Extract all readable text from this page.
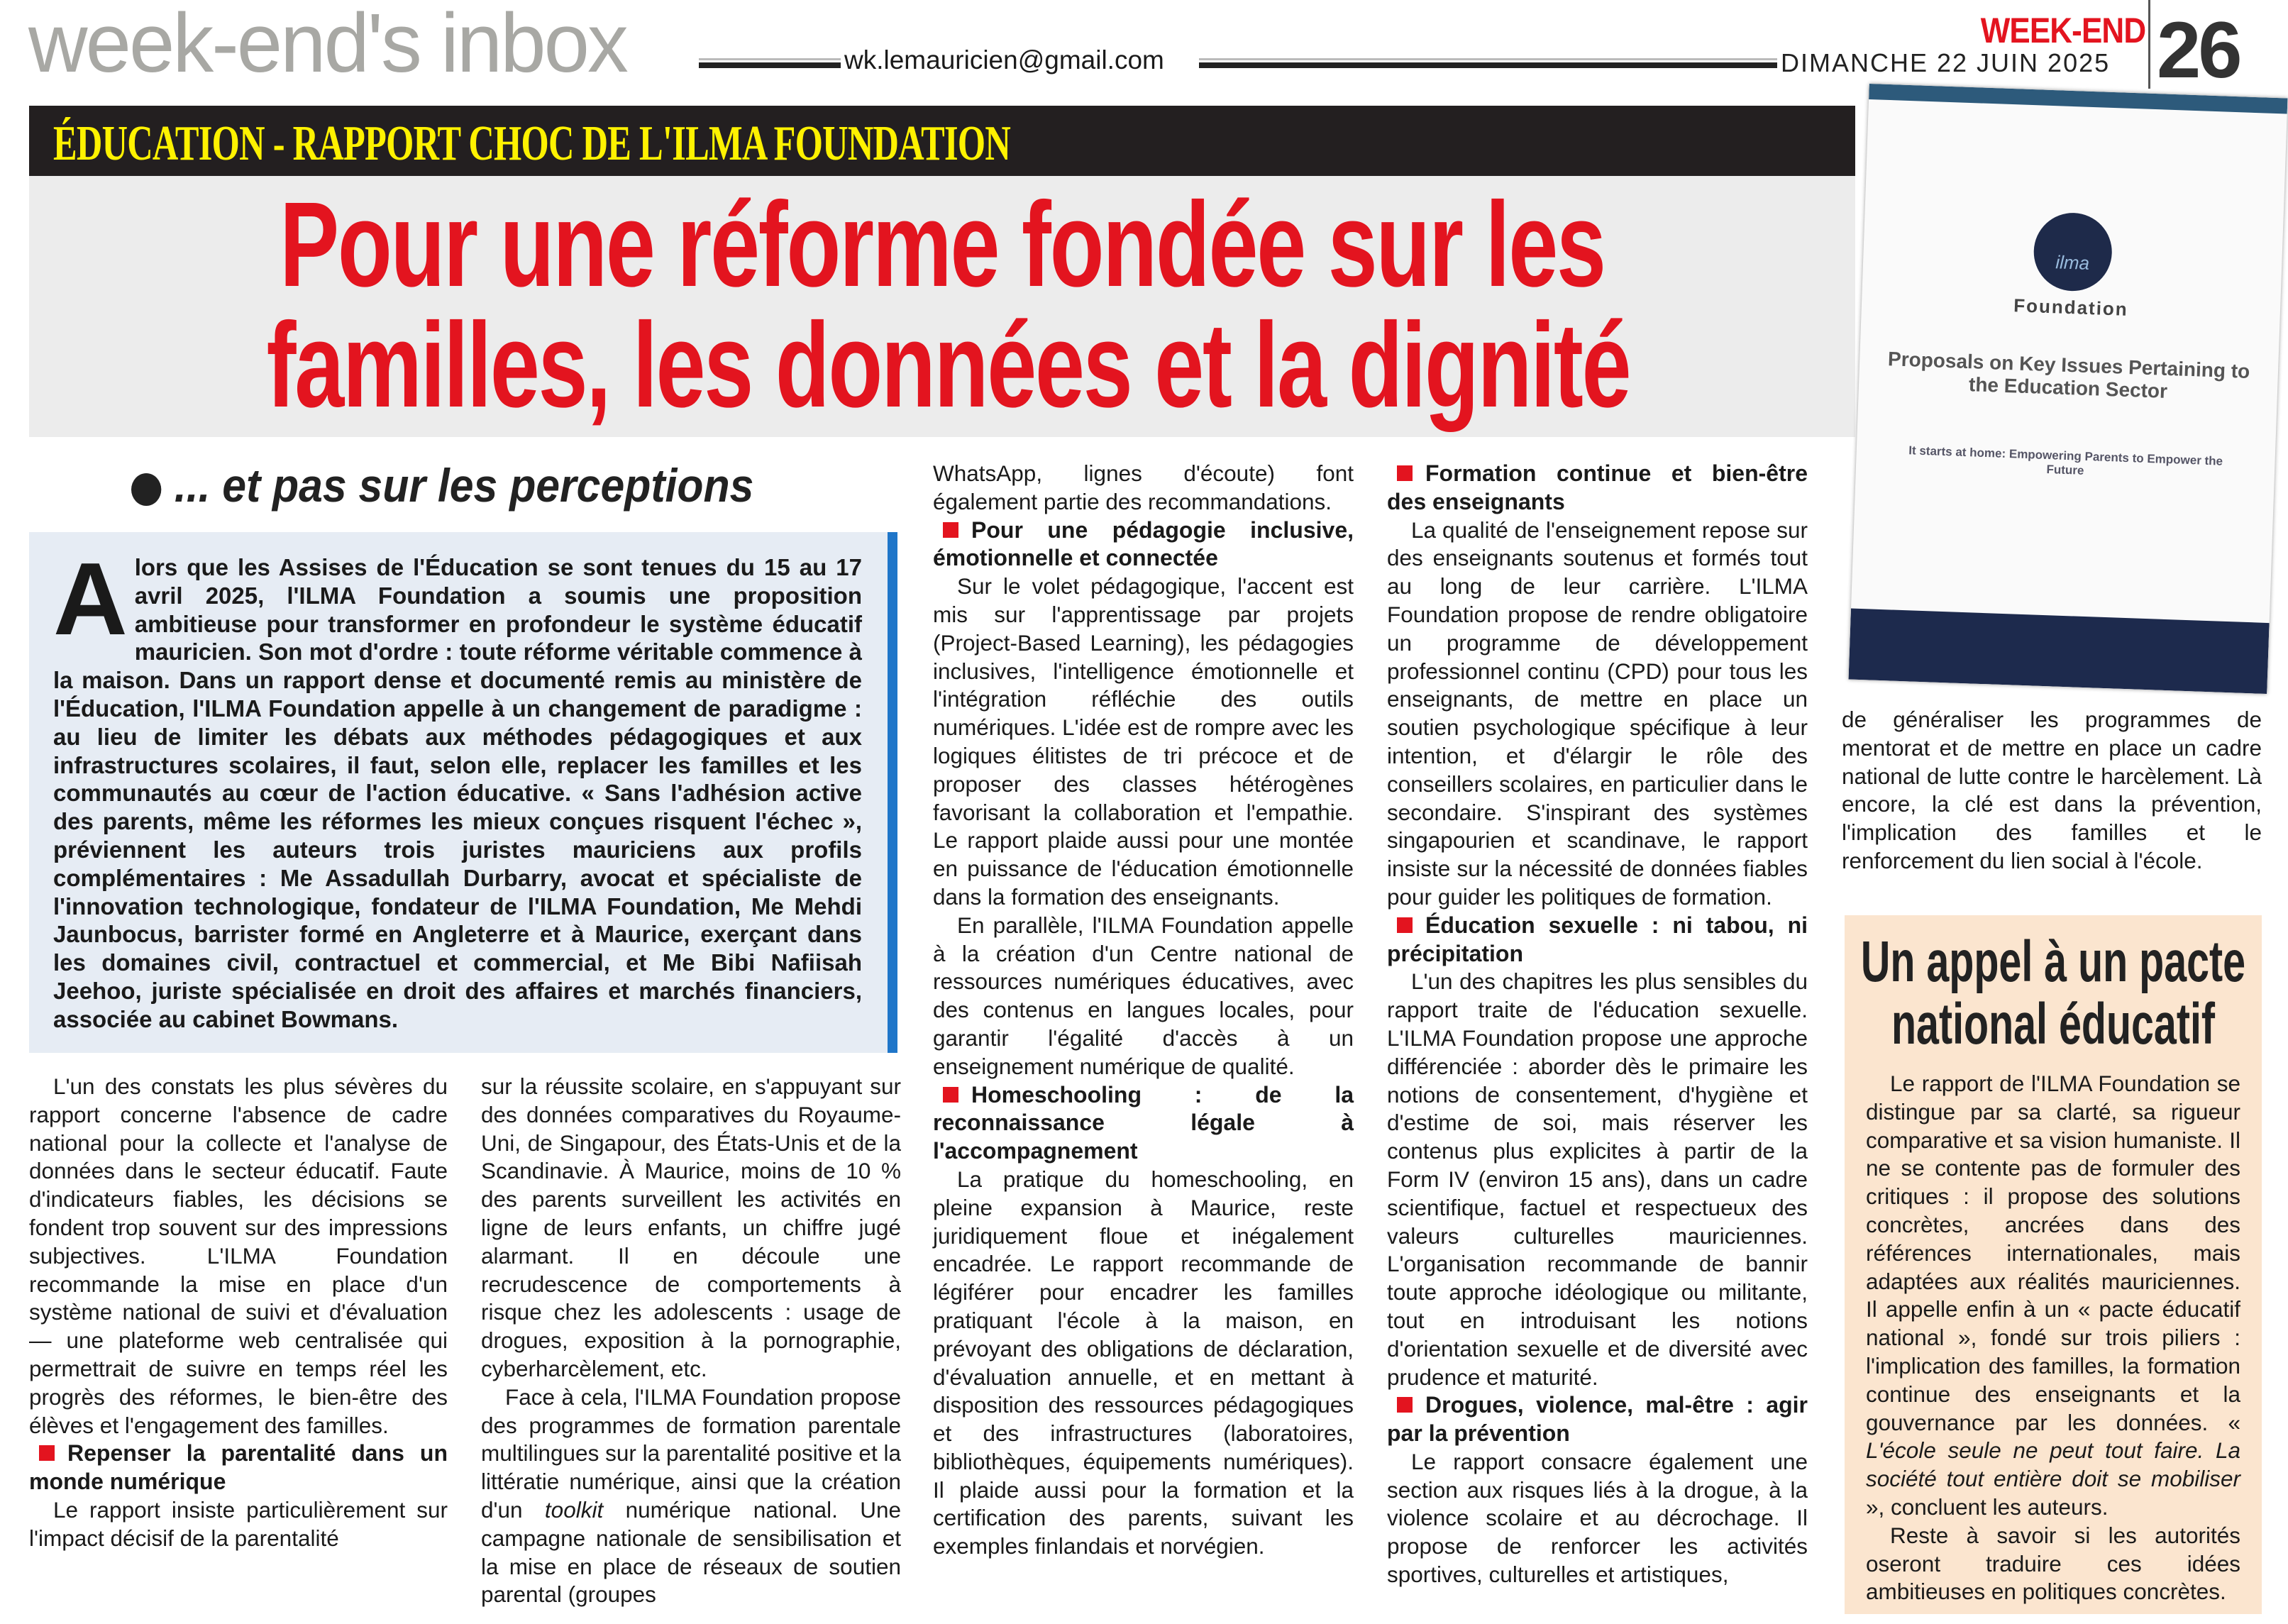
week-end's inbox	wk.lemauricien@gmail.com
WEEK-END
DIMANCHE 22 JUIN 2025 26
ÉDUCATION - RAPPORT CHOC DE L'ILMA FOUNDATION
Pour une réforme fondée sur les
familles, les données et la dignité
ilma
Foundation
Proposals on Key Issues Pertaining to the Education Sector
It starts at home: Empowering Parents to Empower the Future
... et pas sur les perceptions
Alors que les Assises de l'Éducation se sont tenues du 15 au 17 avril 2025, l'ILMA Foundation a soumis une proposition ambitieuse pour transformer en profondeur le système éducatif mauricien. Son mot d'ordre : toute réforme véritable commence à la maison. Dans un rapport dense et documenté remis au ministère de l'Éducation, l'ILMA Foundation appelle à un changement de paradigme : au lieu de limiter les débats aux méthodes pédagogiques et aux infrastructures scolaires, il faut, selon elle, replacer les familles et les communautés au cœur de l'action éducative. « Sans l'adhésion active des parents, même les réformes les mieux conçues risquent l'échec », préviennent les auteurs trois juristes mauriciens aux profils complémentaires : Me Assadullah Durbarry, avocat et spécialiste de l'innovation technologique, fondateur de l'ILMA Foundation, Me Mehdi Jaunbocus, barrister formé en Angleterre et à Maurice, exerçant dans les domaines civil, contractuel et commercial, et Me Bibi Nafiisah Jeehoo, juriste spécialisée en droit des affaires et marchés financiers, associée au cabinet Bowmans.

L'un des constats les plus sévères du rapport concerne l'absence de cadre national pour la collecte et l'analyse de données dans le secteur éducatif. Faute d'indicateurs fiables, les décisions se fondent trop souvent sur des impressions subjectives. L'ILMA Foundation recommande la mise en place d'un système national de suivi et d'évaluation — une plateforme web centralisée qui permettrait de suivre en temps réel les progrès des réformes, le bien-être des élèves et l'engagement des familles.

Repenser la parentalité dans un monde numérique

Le rapport insiste particulièrement sur l'impact décisif de la parentalité

sur la réussite scolaire, en s'appuyant sur des données comparatives du Royaume-Uni, de Singapour, des États-Unis et de la Scandinavie. À Maurice, moins de 10 % des parents surveillent les activités en ligne de leurs enfants, un chiffre jugé alarmant. Il en découle une recrudescence de comportements à risque chez les adolescents : usage de drogues, exposition à la pornographie, cyberharcèlement, etc.

Face à cela, l'ILMA Foundation propose des programmes de formation parentale multilingues sur la parentalité positive et la littératie numérique, ainsi que la création d'un toolkit numérique national. Une campagne nationale de sensibilisation et la mise en place de réseaux de soutien parental (groupes

WhatsApp, lignes d'écoute) font également partie des recommandations.

Pour une pédagogie inclusive, émotionnelle et connectée

Sur le volet pédagogique, l'accent est mis sur l'apprentissage par projets (Project-Based Learning), les pédagogies inclusives, l'intelligence émotionnelle et l'intégration réfléchie des outils numériques. L'idée est de rompre avec les logiques élitistes de tri précoce et de proposer des classes hétérogènes favorisant la collaboration et l'empathie. Le rapport plaide aussi pour une montée en puissance de l'éducation émotionnelle dans la formation des enseignants.

En parallèle, l'ILMA Foundation appelle à la création d'un Centre national de ressources numériques éducatives, avec des contenus en langues locales, pour garantir l'égalité d'accès à un enseignement numérique de qualité.

Homeschooling : de la reconnaissance légale à l'accompagnement

La pratique du homeschooling, en pleine expansion à Maurice, reste juridiquement floue et inégalement encadrée. Le rapport recommande de légiférer pour encadrer les familles pratiquant l'école à la maison, en prévoyant des obligations de déclaration, d'évaluation annuelle, et en mettant à disposition des ressources pédagogiques et des infrastructures (laboratoires, bibliothèques, équipements numériques). Il plaide aussi pour la formation et la certification des parents, suivant les exemples finlandais et norvégien.

Formation continue et bien-être des enseignants

La qualité de l'enseignement repose sur des enseignants soutenus et formés tout au long de leur carrière. L'ILMA Foundation propose de rendre obligatoire un programme de développement professionnel continu (CPD) pour tous les enseignants, de mettre en place un soutien psychologique spécifique à leur intention, et d'élargir le rôle des conseillers scolaires, en particulier dans le secondaire. S'inspirant des systèmes singapourien et scandinave, le rapport insiste sur la nécessité de données fiables pour guider les politiques de formation.

Éducation sexuelle : ni tabou, ni précipitation

L'un des chapitres les plus sensibles du rapport traite de l'éducation sexuelle. L'ILMA Foundation propose une approche différenciée : aborder dès le primaire les notions de consentement, d'hygiène et d'estime de soi, mais réserver les contenus plus explicites à partir de la Form IV (environ 15 ans), dans un cadre scientifique, factuel et respectueux des valeurs culturelles mauriciennes. L'organisation recommande de bannir toute approche idéologique ou militante, tout en introduisant les notions d'orientation sexuelle et de diversité avec prudence et maturité.

Drogues, violence, mal-être : agir par la prévention

Le rapport consacre également une section aux risques liés à la drogue, à la violence scolaire et au décrochage. Il propose de renforcer les activités sportives, culturelles et artistiques,

de généraliser les programmes de mentorat et de mettre en place un cadre national de lutte contre le harcèlement. Là encore, la clé est dans la prévention, l'implication des familles et le renforcement du lien social à l'école.

Un appel à un pacte
national éducatif

Le rapport de l'ILMA Foundation se distingue par sa clarté, sa rigueur comparative et sa vision humaniste. Il ne se contente pas de formuler des critiques : il propose des solutions concrètes, ancrées dans des références internationales, mais adaptées aux réalités mauriciennes. Il appelle enfin à un « pacte éducatif national », fondé sur trois piliers : l'implication des familles, la formation continue des enseignants et la gouvernance par les données. « L'école seule ne peut tout faire. La société tout entière doit se mobiliser », concluent les auteurs.

Reste à savoir si les autorités oseront traduire ces idées ambitieuses en politiques concrètes.
